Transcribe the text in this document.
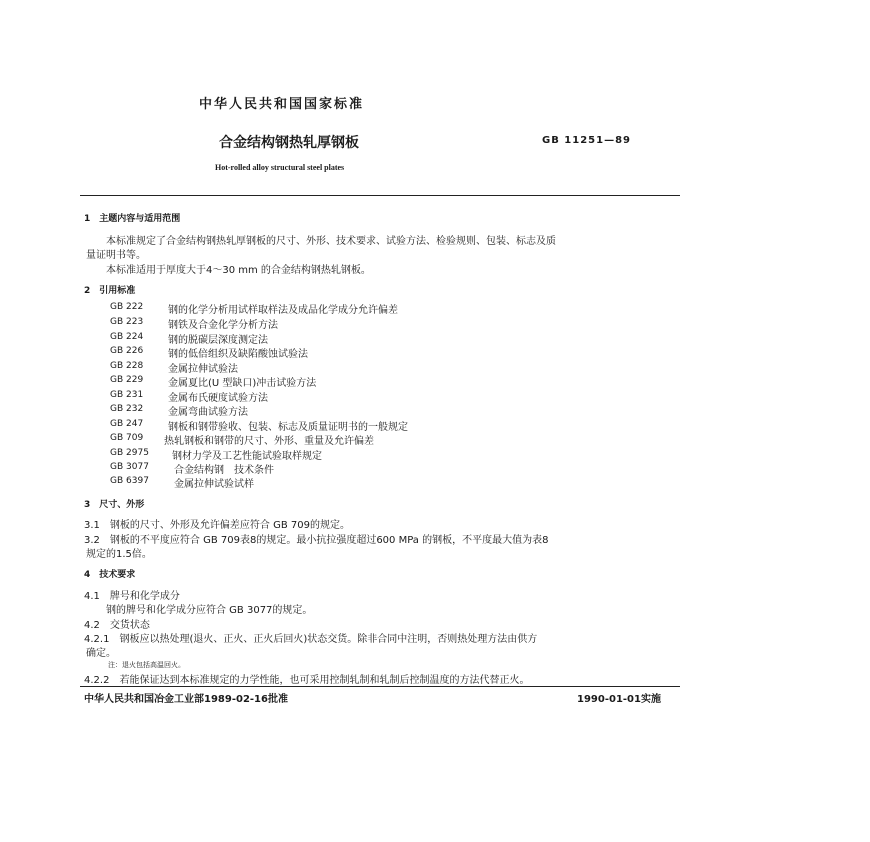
中华人民共和国国家标准
合金结构钢热轧厚钢板	GB 11251—89
Hot-rolled alloy structural steel plates
1　主题内容与适用范围
本标准规定了合金结构钢热轧厚钢板的尺寸、外形、技术要求、试验方法、检验规则、包装、标志及质
量证明书等。
本标准适用于厚度大于4～30 mm 的合金结构钢热轧钢板。
2　引用标准
GB 222 钢的化学分析用试样取样法及成品化学成分允许偏差
GB 223 钢铁及合金化学分析方法
GB 224 钢的脱碳层深度测定法
GB 226 钢的低倍组织及缺陷酸蚀试验法
GB 228 金属拉伸试验法
GB 229 金属夏比(U 型缺口)冲击试验方法
GB 231 金属布氏硬度试验方法
GB 232 金属弯曲试验方法
GB 247 钢板和钢带验收、包装、标志及质量证明书的一般规定
GB 709 热轧钢板和钢带的尺寸、外形、重量及允许偏差
GB 2975 钢材力学及工艺性能试验取样规定
GB 3077	合金结构钢　技术条件
GB 6397	金属拉伸试验试样
3　尺寸、外形
3.1　钢板的尺寸、外形及允许偏差应符合 GB 709的规定。
3.2　钢板的不平度应符合 GB 709表8的规定。最小抗拉强度超过600 MPa 的钢板，不平度最大值为表8
规定的1.5倍。
4　技术要求
4.1　牌号和化学成分
钢的牌号和化学成分应符合 GB 3077的规定。
4.2　交货状态
4.2.1　钢板应以热处理(退火、正火、正火后回火)状态交货。除非合同中注明，否则热处理方法由供方
确定。
注：退火包括高温回火。
4.2.2　若能保证达到本标准规定的力学性能，也可采用控制轧制和轧制后控制温度的方法代替正火。
中华人民共和国冶金工业部1989-02-16批准	1990-01-01实施
